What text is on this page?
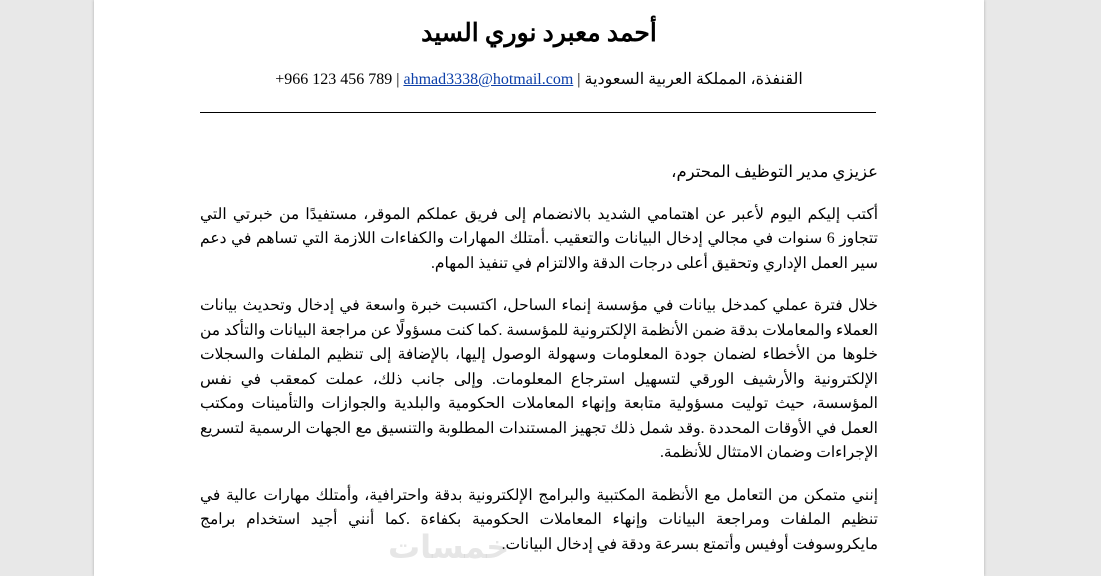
أحمد معبرد نوري السيد
القنفذة، المملكة العربية السعودية|ahmad3338@hotmail.com|+966 123 456 789

عزيزي مدير التوظيف المحترم،

أكتب إليكم اليوم لأعبر عن اهتمامي الشديد بالانضمام إلى فريق عملكم الموقر، مستفيدًا من خبرتي التي تتجاوز 6 سنوات في مجالي إدخال البيانات والتعقيب .أمتلك المهارات والكفاءات اللازمة التي تساهم في دعم سير العمل الإداري وتحقيق أعلى درجات الدقة والالتزام في تنفيذ المهام.

خلال فترة عملي كمدخل بيانات في مؤسسة إنماء الساحل، اكتسبت خبرة واسعة في إدخال وتحديث بيانات العملاء والمعاملات بدقة ضمن الأنظمة الإلكترونية للمؤسسة .كما كنت مسؤولًا عن مراجعة البيانات والتأكد من خلوها من الأخطاء لضمان جودة المعلومات وسهولة الوصول إليها، بالإضافة إلى تنظيم الملفات والسجلات الإلكترونية والأرشيف الورقي لتسهيل استرجاع المعلومات. وإلى جانب ذلك، عملت كمعقب في نفس المؤسسة، حيث توليت مسؤولية متابعة وإنهاء المعاملات الحكومية والبلدية والجوازات والتأمينات ومكتب العمل في الأوقات المحددة .وقد شمل ذلك تجهيز المستندات المطلوبة والتنسيق مع الجهات الرسمية لتسريع الإجراءات وضمان الامتثال للأنظمة.

إنني متمكن من التعامل مع الأنظمة المكتبية والبرامج الإلكترونية بدقة واحترافية، وأمتلك مهارات عالية في تنظيم الملفات ومراجعة البيانات وإنهاء المعاملات الحكومية بكفاءة .كما أنني أجيد استخدام برامج مايكروسوفت أوفيس وأتمتع بسرعة ودقة في إدخال البيانات.

خمسات
